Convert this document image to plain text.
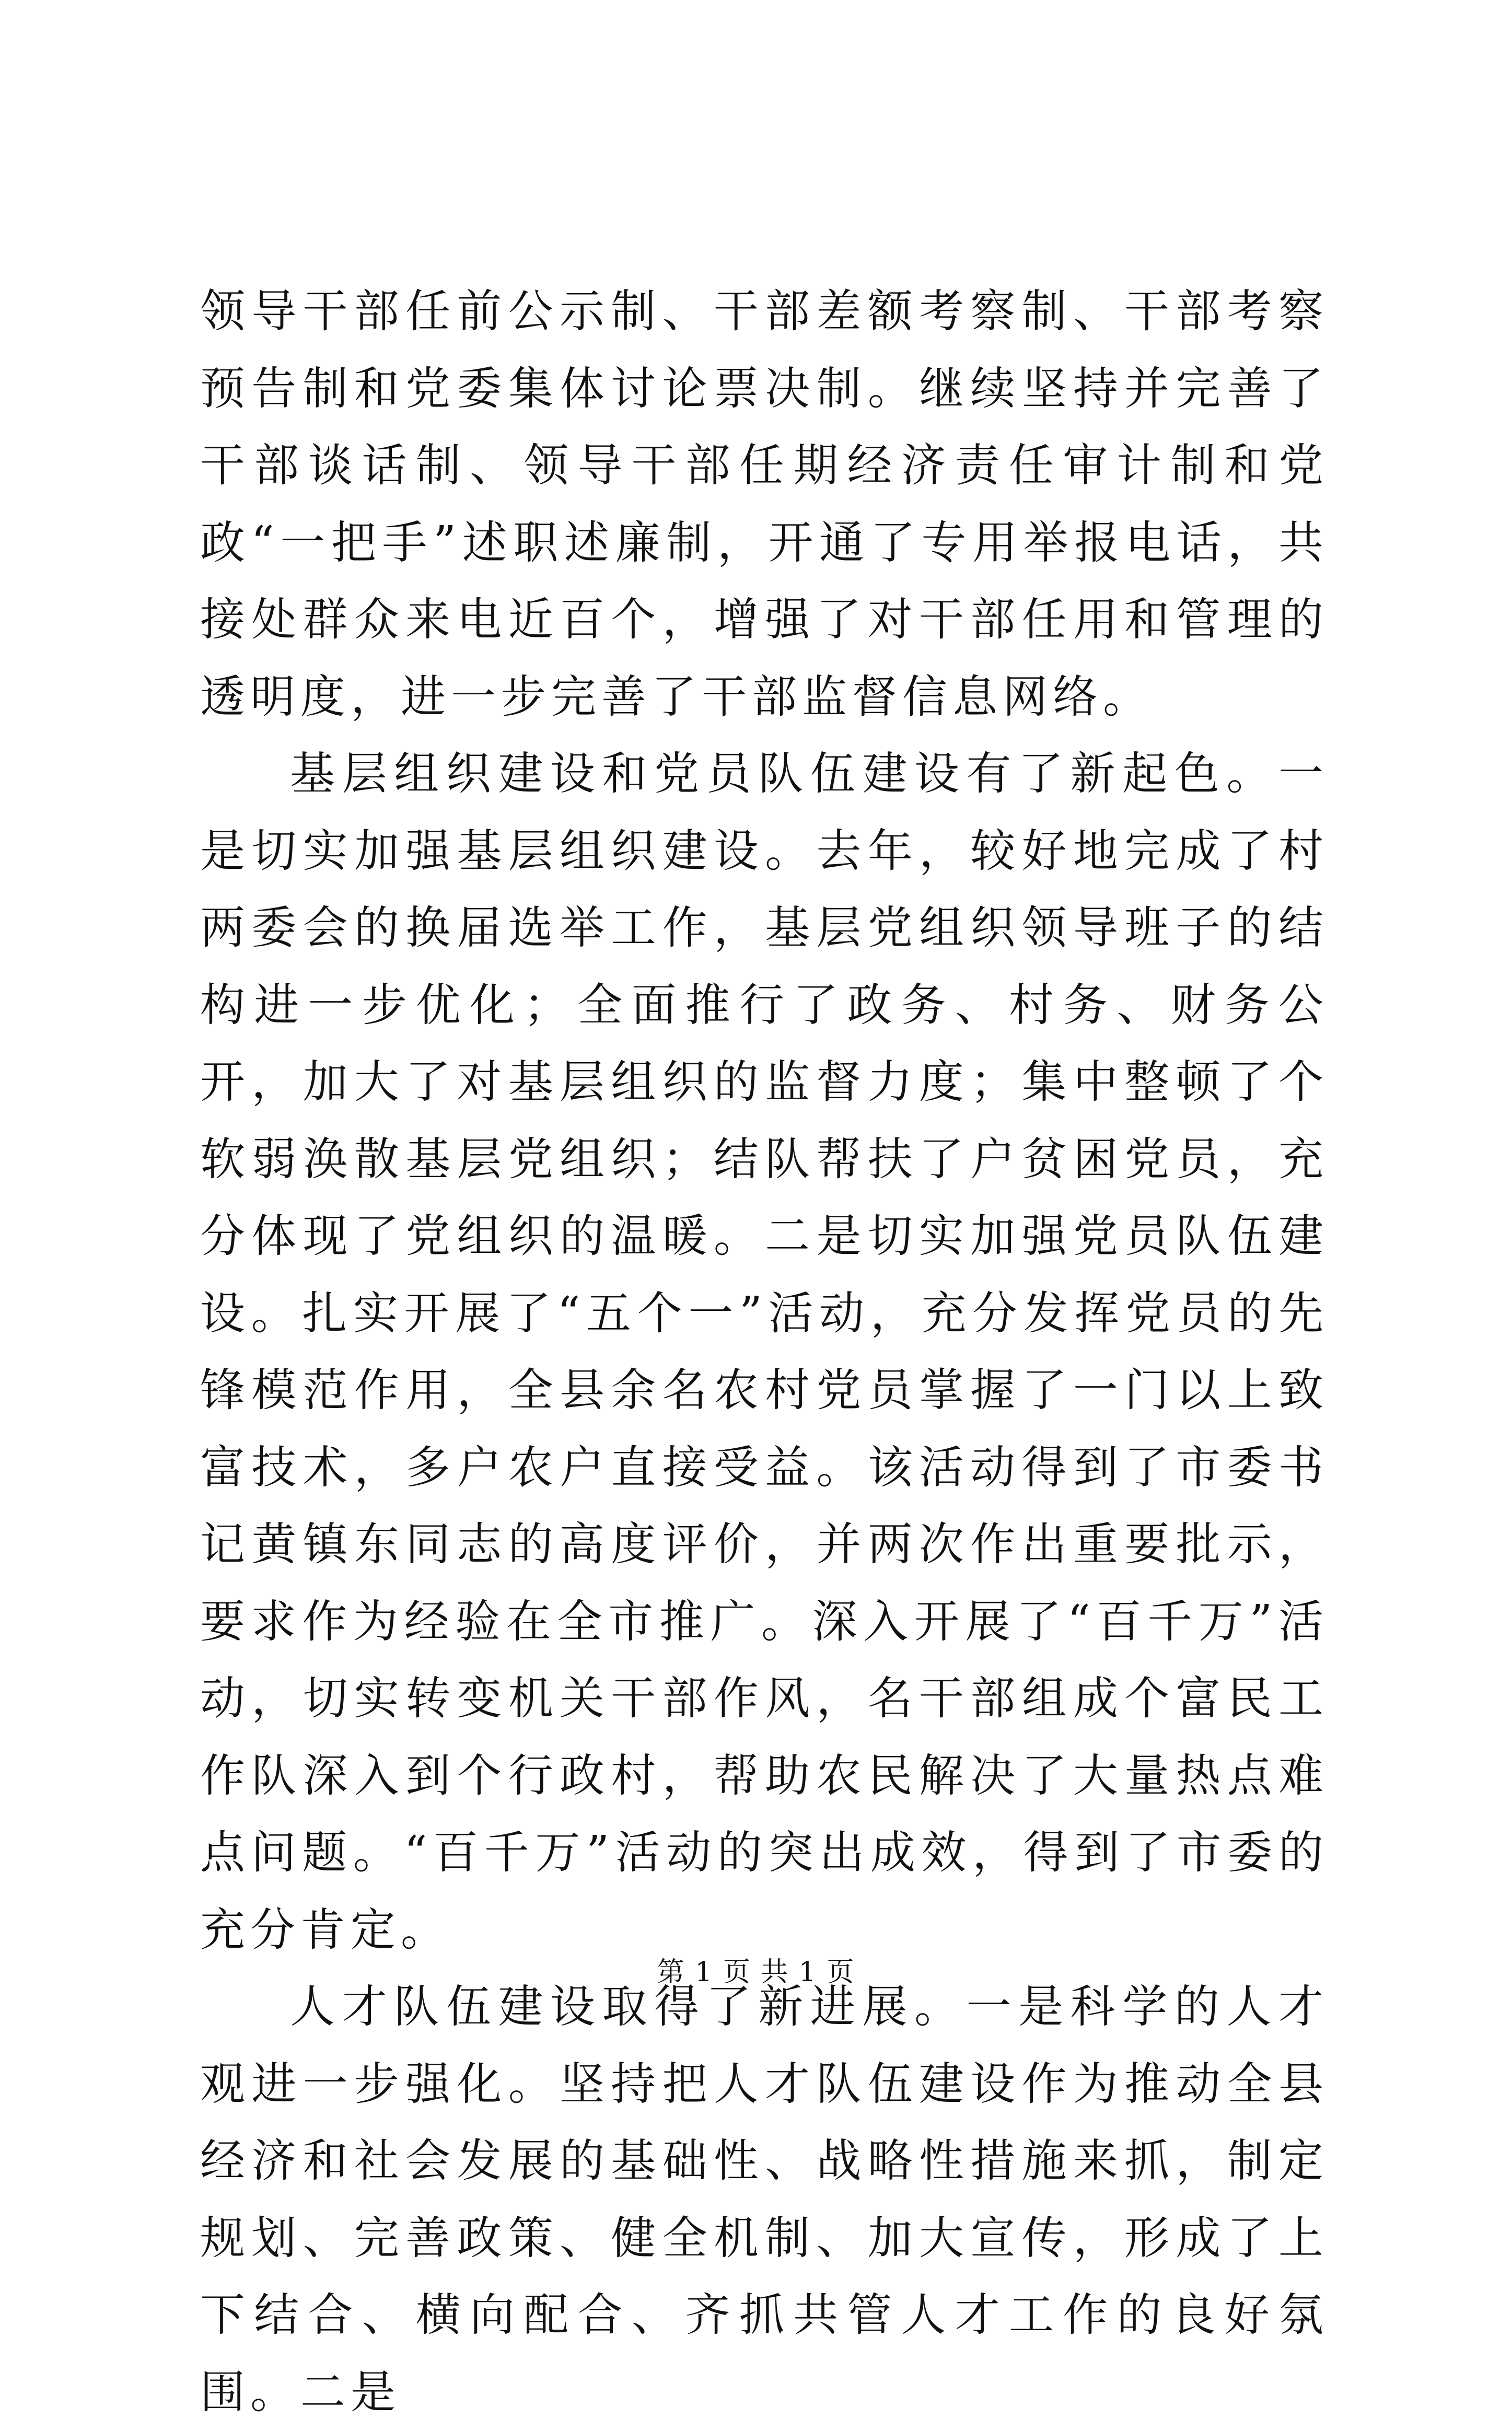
领导干部任前公示制、干部差额考察制、干部考察预告制和党委集体讨论票决制。继续坚持并完善了干部谈话制、领导干部任期经济责任审计制和党政“一把手”述职述廉制，开通了专用举报电话，共接处群众来电近百个，增强了对干部任用和管理的透明度，进一步完善了干部监督信息网络。

基层组织建设和党员队伍建设有了新起色。一是切实加强基层组织建设。去年，较好地完成了村两委会的换届选举工作，基层党组织领导班子的结构进一步优化；全面推行了政务、村务、财务公开，加大了对基层组织的监督力度；集中整顿了个软弱涣散基层党组织；结队帮扶了户贫困党员，充分体现了党组织的温暖。二是切实加强党员队伍建设。扎实开展了“五个一”活动，充分发挥党员的先锋模范作用，全县余名农村党员掌握了一门以上致富技术，多户农户直接受益。该活动得到了市委书记黄镇东同志的高度评价，并两次作出重要批示，要求作为经验在全市推广。深入开展了“百千万”活动，切实转变机关干部作风，名干部组成个富民工作队深入到个行政村，帮助农民解决了大量热点难点问题。“百千万”活动的突出成效，得到了市委的充分肯定。

人才队伍建设取得了新进展。一是科学的人才观进一步强化。坚持把人才队伍建设作为推动全县经济和社会发展的基础性、战略性措施来抓，制定规划、完善政策、健全机制、加大宣传，形成了上下结合、横向配合、齐抓共管人才工作的良好氛围。二是

第 1 页 共 1 页
